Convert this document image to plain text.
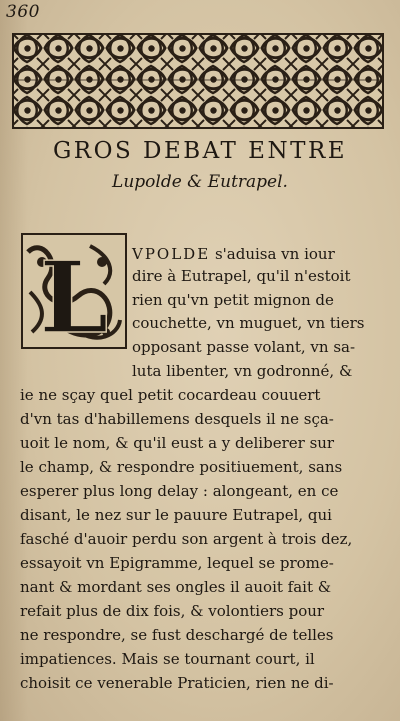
360
GROS DEBAT ENTRE
Lupolde & Eutrapel.
L VPOLDE s'aduisa vn iour
dire à Eutrapel, qu'il n'estoit
rien qu'vn petit mignon de
couchette, vn muguet, vn tiers
opposant passe volant, vn sa-
luta libenter, vn godronné, &
ie ne sçay quel petit cocardeau couuert
d'vn tas d'habillemens desquels il ne sça-
uoit le nom, & qu'il eust a y deliberer sur
le champ, & respondre positiuement, sans
esperer plus long delay : alongeant, en ce
disant, le nez sur le pauure Eutrapel, qui
fasché d'auoir perdu son argent à trois dez,
essayoit vn Epigramme, lequel se prome-
nant & mordant ses ongles il auoit fait &
refait plus de dix fois, & volontiers pour
ne respondre, se fust deschargé de telles
impatiences. Mais se tournant court, il
choisit ce venerable Praticien, rien ne di-
